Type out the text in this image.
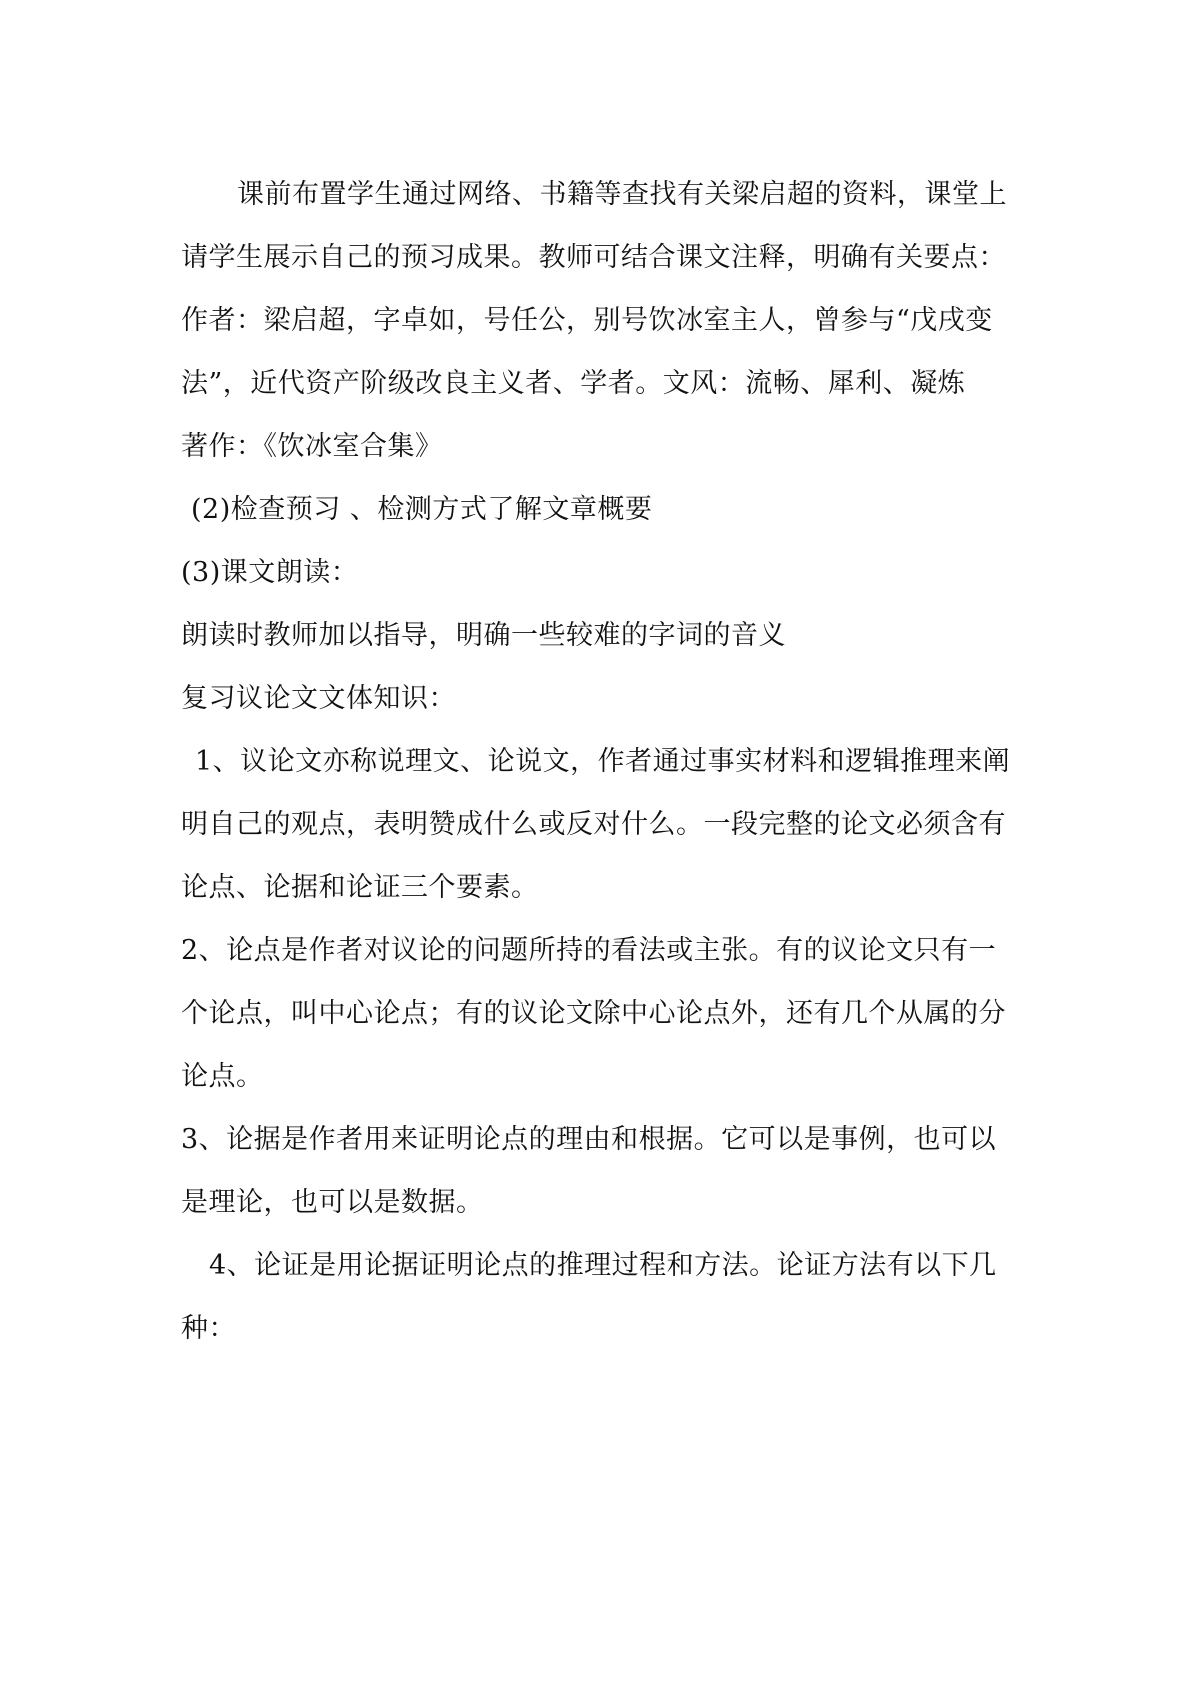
课前布置学生通过网络、书籍等查找有关梁启超的资料，课堂上请学生展示自己的预习成果。教师可结合课文注释，明确有关要点：

作者：梁启超，字卓如，号任公，别号饮冰室主人，曾参与“戊戌变法”，近代资产阶级改良主义者、学者。文风：流畅、犀利、凝炼

著作：《饮冰室合集》

(2)检查预习 、检测方式了解文章概要

(3)课文朗读：

朗读时教师加以指导，明确一些较难的字词的音义

复习议论文文体知识：

1、议论文亦称说理文、论说文，作者通过事实材料和逻辑推理来阐明自己的观点，表明赞成什么或反对什么。一段完整的论文必须含有论点、论据和论证三个要素。

2、论点是作者对议论的问题所持的看法或主张。有的议论文只有一个论点，叫中心论点；有的议论文除中心论点外，还有几个从属的分论点。

3、论据是作者用来证明论点的理由和根据。它可以是事例，也可以是理论，也可以是数据。

4、论证是用论据证明论点的推理过程和方法。论证方法有以下几种：
